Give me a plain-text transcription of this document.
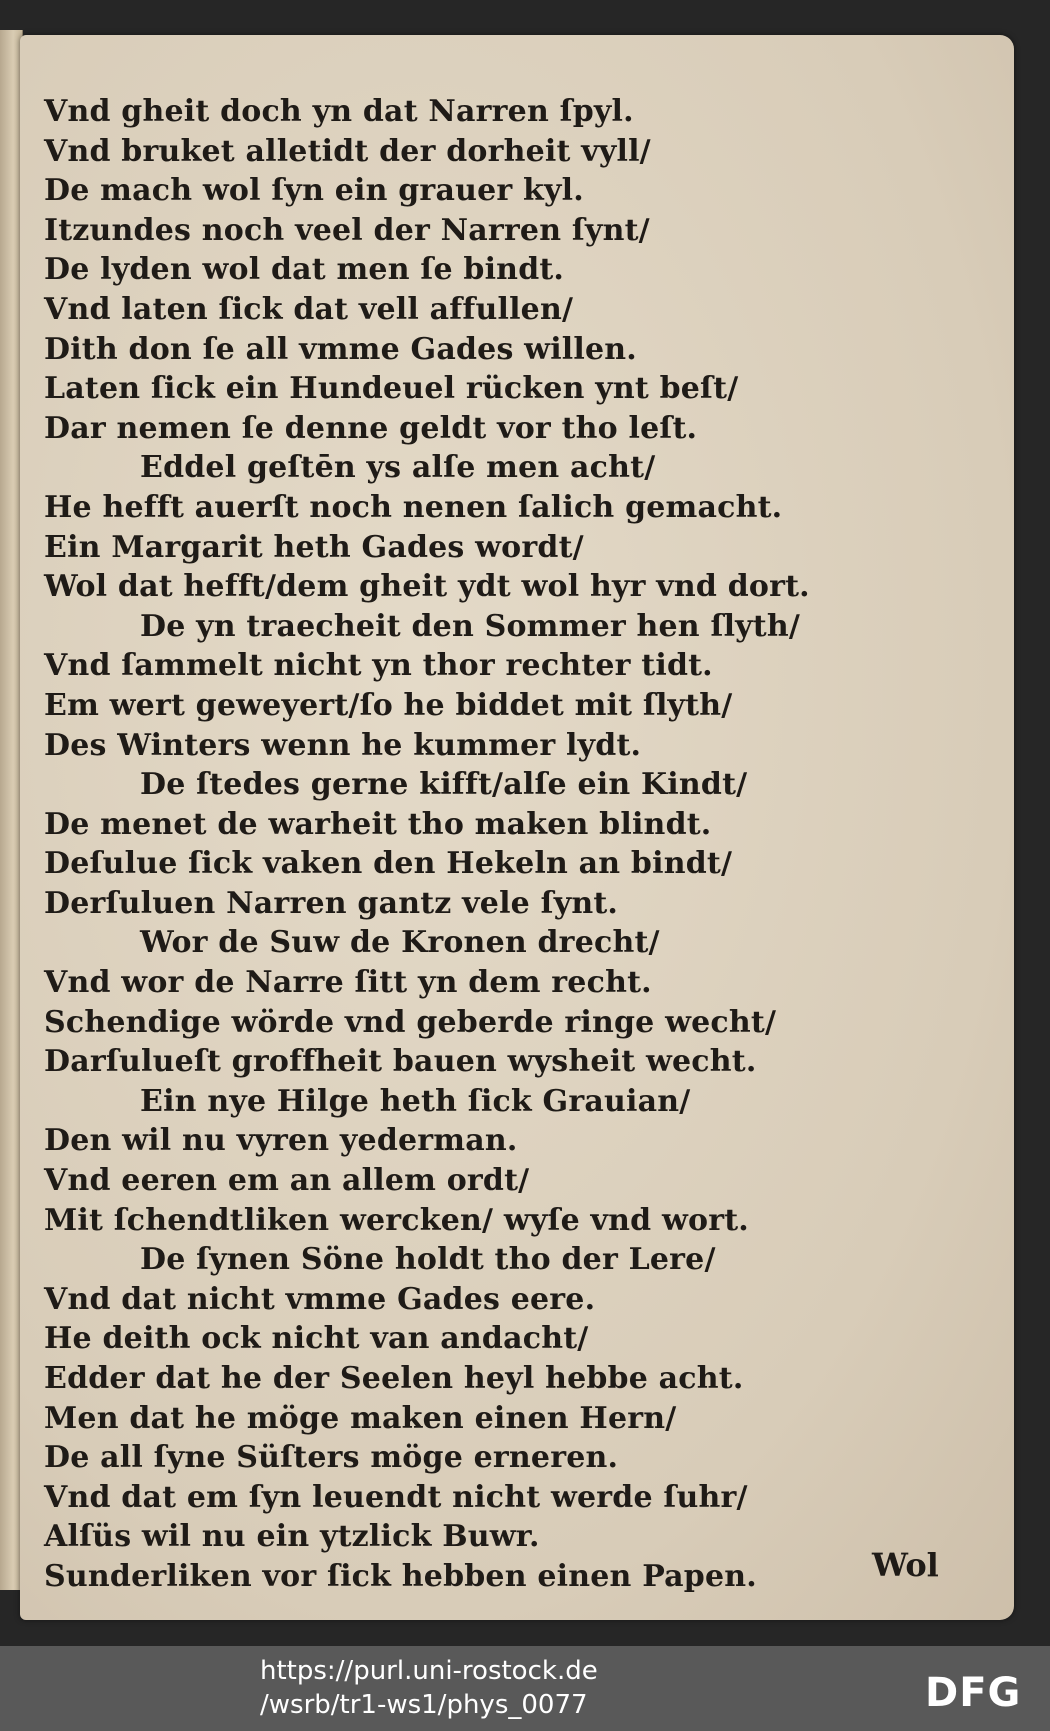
Vnd gheit doch yn dat Narren ſpyl.
Vnd bruket alletidt der dorheit vyll/
De mach wol ſyn ein grauer kyl.
Itzundes noch veel der Narren ſynt/
De lyden wol dat men ſe bindt.
Vnd laten ſick dat vell affullen/
Dith don ſe all vmme Gades willen.
Laten ſick ein Hundeuel rücken ynt beſt/
Dar nemen ſe denne geldt vor tho leſt.
Eddel geſtēn ys alſe men acht/
He hefft auerſt noch nenen ſalich gemacht.
Ein Margarit heth Gades wordt/
Wol dat hefft/dem gheit ydt wol hyr vnd dort.
De yn traecheit den Sommer hen ſlyth/
Vnd ſammelt nicht yn thor rechter tidt.
Em wert geweyert/ſo he biddet mit ſlyth/
Des Winters wenn he kummer lydt.
De ſtedes gerne kifft/alſe ein Kindt/
De menet de warheit tho maken blindt.
Deſulue ſick vaken den Hekeln an bindt/
Derſuluen Narren gantz vele ſynt.
Wor de Suw de Kronen drecht/
Vnd wor de Narre ſitt yn dem recht.
Schendige wörde vnd geberde ringe wecht/
Darſulueſt groffheit bauen wysheit wecht.
Ein nye Hilge heth ſick Grauian/
Den wil nu vyren yederman.
Vnd eeren em an allem ordt/
Mit ſchendtliken wercken/ wyſe vnd wort.
De ſynen Söne holdt tho der Lere/
Vnd dat nicht vmme Gades eere.
He deith ock nicht van andacht/
Edder dat he der Seelen heyl hebbe acht.
Men dat he möge maken einen Hern/
De all ſyne Süſters möge erneren.
Vnd dat em ſyn leuendt nicht werde ſuhr/
Alſüs wil nu ein ytzlick Buwr.
Sunderliken vor ſick hebben einen Papen.	Wol
https://purl.uni-rostock.de
/wsrb/tr1-ws1/phys_0077	DFG
